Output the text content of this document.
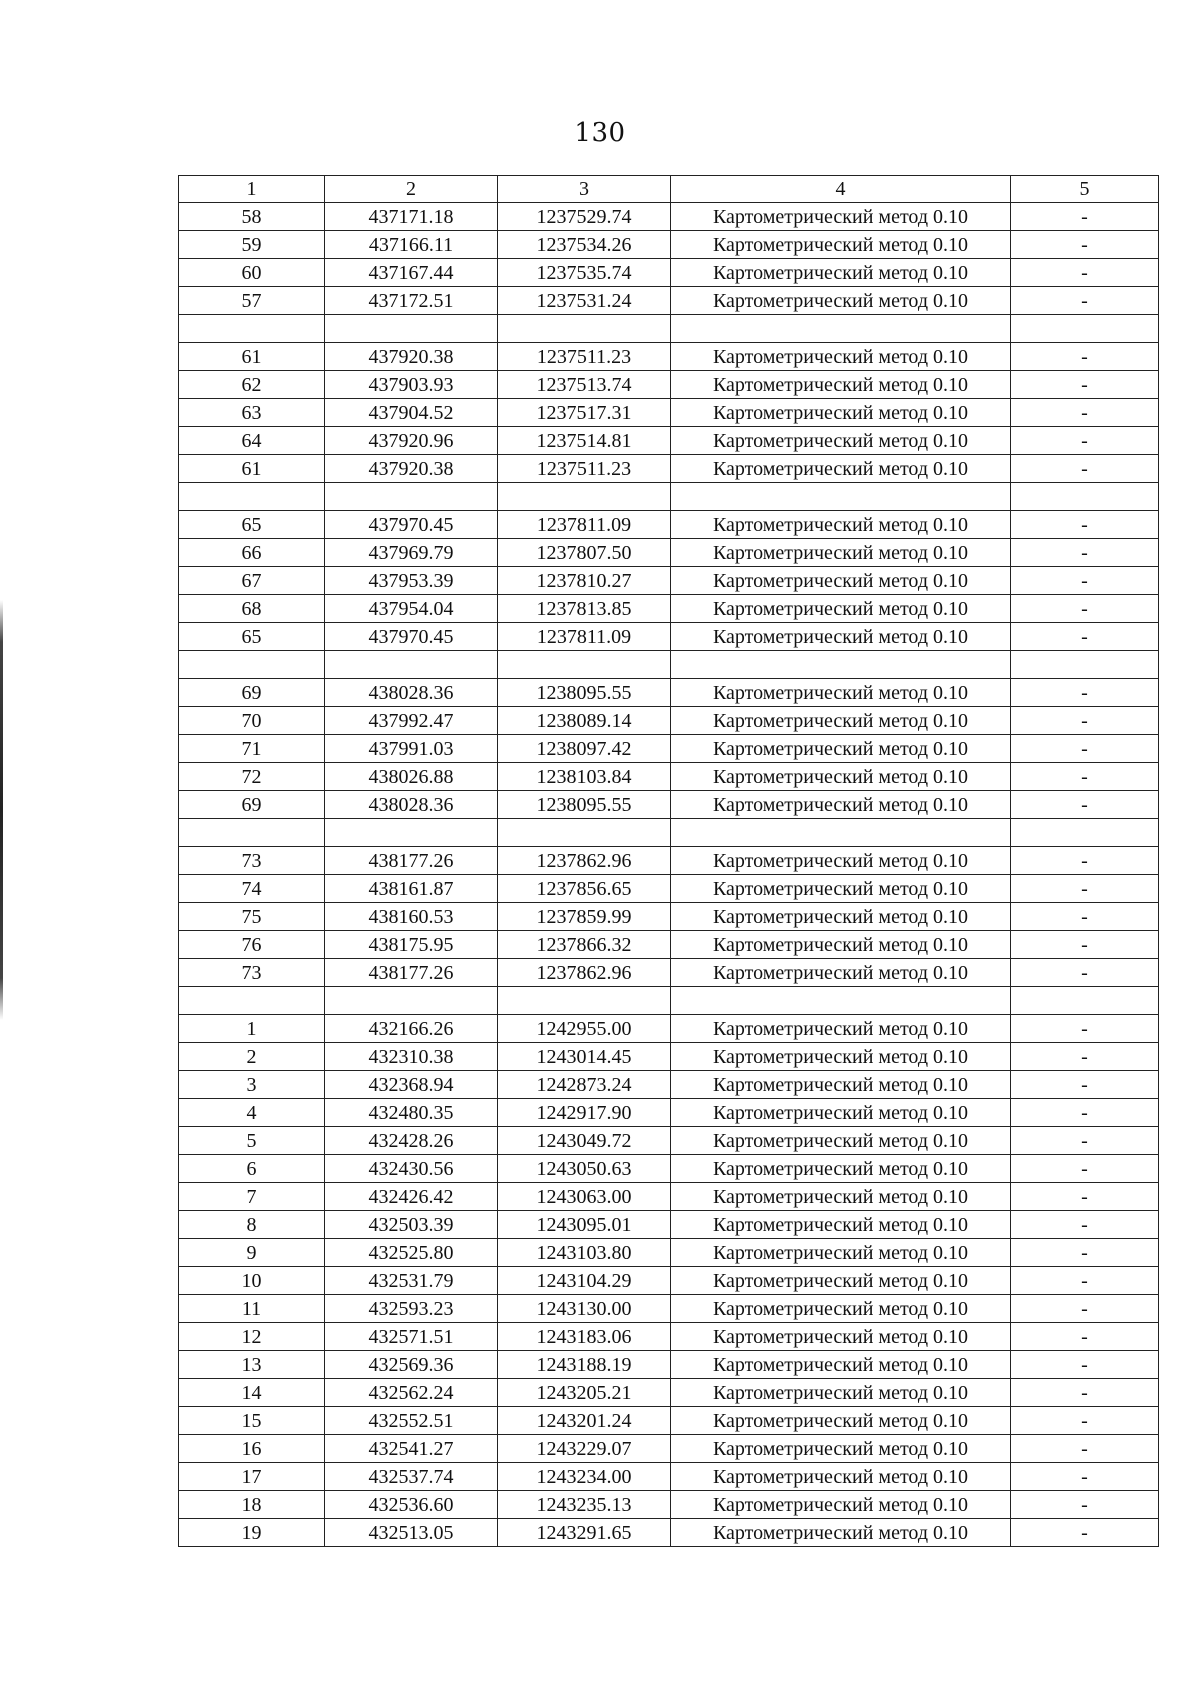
130
1	2	3	4	5
58	437171.18	1237529.74	Картометрический метод 0.10	-
59	437166.11	1237534.26	Картометрический метод 0.10	-
60	437167.44	1237535.74	Картометрический метод 0.10	-
57	437172.51	1237531.24	Картометрический метод 0.10	-

61	437920.38	1237511.23	Картометрический метод 0.10	-
62	437903.93	1237513.74	Картометрический метод 0.10	-
63	437904.52	1237517.31	Картометрический метод 0.10	-
64	437920.96	1237514.81	Картометрический метод 0.10	-
61	437920.38	1237511.23	Картометрический метод 0.10	-

65	437970.45	1237811.09	Картометрический метод 0.10	-
66	437969.79	1237807.50	Картометрический метод 0.10	-
67	437953.39	1237810.27	Картометрический метод 0.10	-
68	437954.04	1237813.85	Картометрический метод 0.10	-
65	437970.45	1237811.09	Картометрический метод 0.10	-

69	438028.36	1238095.55	Картометрический метод 0.10	-
70	437992.47	1238089.14	Картометрический метод 0.10	-
71	437991.03	1238097.42	Картометрический метод 0.10	-
72	438026.88	1238103.84	Картометрический метод 0.10	-
69	438028.36	1238095.55	Картометрический метод 0.10	-

73	438177.26	1237862.96	Картометрический метод 0.10	-
74	438161.87	1237856.65	Картометрический метод 0.10	-
75	438160.53	1237859.99	Картометрический метод 0.10	-
76	438175.95	1237866.32	Картометрический метод 0.10	-
73	438177.26	1237862.96	Картометрический метод 0.10	-

1	432166.26	1242955.00	Картометрический метод 0.10	-
2	432310.38	1243014.45	Картометрический метод 0.10	-
3	432368.94	1242873.24	Картометрический метод 0.10	-
4	432480.35	1242917.90	Картометрический метод 0.10	-
5	432428.26	1243049.72	Картометрический метод 0.10	-
6	432430.56	1243050.63	Картометрический метод 0.10	-
7	432426.42	1243063.00	Картометрический метод 0.10	-
8	432503.39	1243095.01	Картометрический метод 0.10	-
9	432525.80	1243103.80	Картометрический метод 0.10	-
10	432531.79	1243104.29	Картометрический метод 0.10	-
11	432593.23	1243130.00	Картометрический метод 0.10	-
12	432571.51	1243183.06	Картометрический метод 0.10	-
13	432569.36	1243188.19	Картометрический метод 0.10	-
14	432562.24	1243205.21	Картометрический метод 0.10	-
15	432552.51	1243201.24	Картометрический метод 0.10	-
16	432541.27	1243229.07	Картометрический метод 0.10	-
17	432537.74	1243234.00	Картометрический метод 0.10	-
18	432536.60	1243235.13	Картометрический метод 0.10	-
19	432513.05	1243291.65	Картометрический метод 0.10	-
